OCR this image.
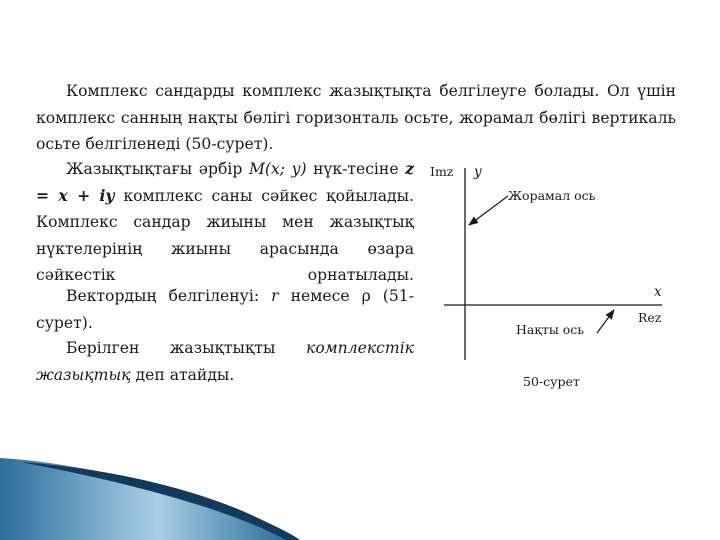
Комплекс сандарды комплекс жазықтықта белгілеуге болады. Ол үшін комплекс санның нақты бөлігі горизонталь осьте, жорамал бөлігі вертикаль осьте белгіленеді (50-сурет).

Жазықтықтағы әрбір M(x; y) нүк-тесіне z = x + iy комплекс саны сәйкес қойылады. Комплекс сандар жиыны мен жазықтық нүктелерінің жиыны арасында өзара сәйкестік орнатылады.

Вектордың белгіленуі: r немесе ρ (51-сурет).

Берілген жазықтықты комплекстік жазықтық деп атайды.

Imz y
Жорамал ось
x
Rez
Нақты ось
50-сурет
